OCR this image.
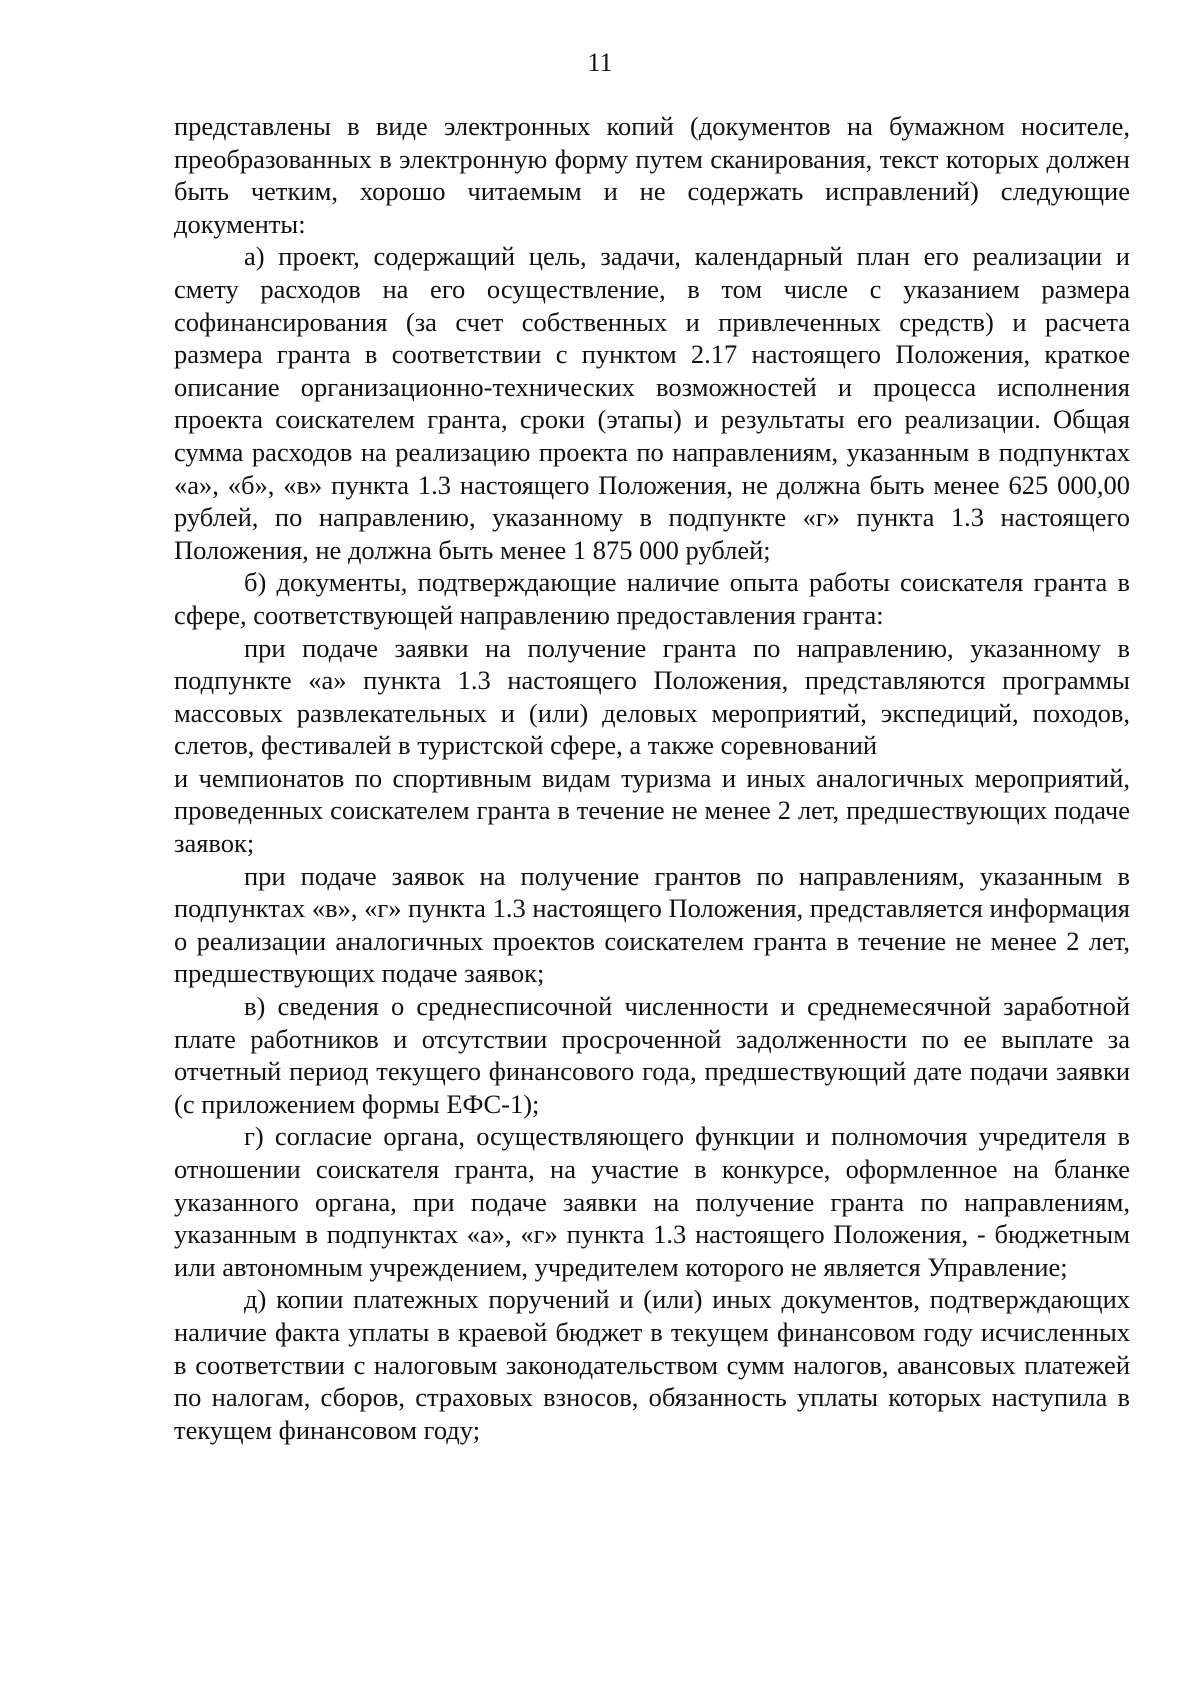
11

представлены в виде электронных копий (документов на бумажном носителе, преобразованных в электронную форму путем сканирования, текст которых должен быть четким, хорошо читаемым и не содержать исправлений) следующие документы:

а) проект, содержащий цель, задачи, календарный план его реализации и смету расходов на его осуществление, в том числе с указанием размера софинансирования (за счет собственных и привлеченных средств) и расчета размера гранта в соответствии с пунктом 2.17 настоящего Положения, краткое описание организационно-технических возможностей и процесса исполнения проекта соискателем гранта, сроки (этапы) и результаты его реализации. Общая сумма расходов на реализацию проекта по направлениям, указанным в подпунктах «а», «б», «в» пункта 1.3 настоящего Положения, не должна быть менее 625 000,00 рублей, по направлению, указанному в подпункте «г» пункта 1.3 настоящего Положения, не должна быть менее 1 875 000 рублей;

б) документы, подтверждающие наличие опыта работы соискателя гранта в сфере, соответствующей направлению предоставления гранта:

при подаче заявки на получение гранта по направлению, указанному в подпункте «а» пункта 1.3 настоящего Положения, представляются программы массовых развлекательных и (или) деловых мероприятий, экспедиций, походов, слетов, фестивалей в туристской сфере, а также соревнований

и чемпионатов по спортивным видам туризма и иных аналогичных мероприятий, проведенных соискателем гранта в течение не менее 2 лет, предшествующих подаче заявок;

при подаче заявок на получение грантов по направлениям, указанным в подпунктах «в», «г» пункта 1.3 настоящего Положения, представляется информация о реализации аналогичных проектов соискателем гранта в течение не менее 2 лет, предшествующих подаче заявок;

в) сведения о среднесписочной численности и среднемесячной заработной плате работников и отсутствии просроченной задолженности по ее выплате за отчетный период текущего финансового года, предшествующий дате подачи заявки (с приложением формы ЕФС-1);

г) согласие органа, осуществляющего функции и полномочия учредителя в отношении соискателя гранта, на участие в конкурсе, оформленное на бланке указанного органа, при подаче заявки на получение гранта по направлениям, указанным в подпунктах «а», «г» пункта 1.3 настоящего Положения, - бюджетным или автономным учреждением, учредителем которого не является Управление;

д) копии платежных поручений и (или) иных документов, подтверждающих наличие факта уплаты в краевой бюджет в текущем финансовом году исчисленных в соответствии с налоговым законодательством сумм налогов, авансовых платежей по налогам, сборов, страховых взносов, обязанность уплаты которых наступила в текущем финансовом году;
